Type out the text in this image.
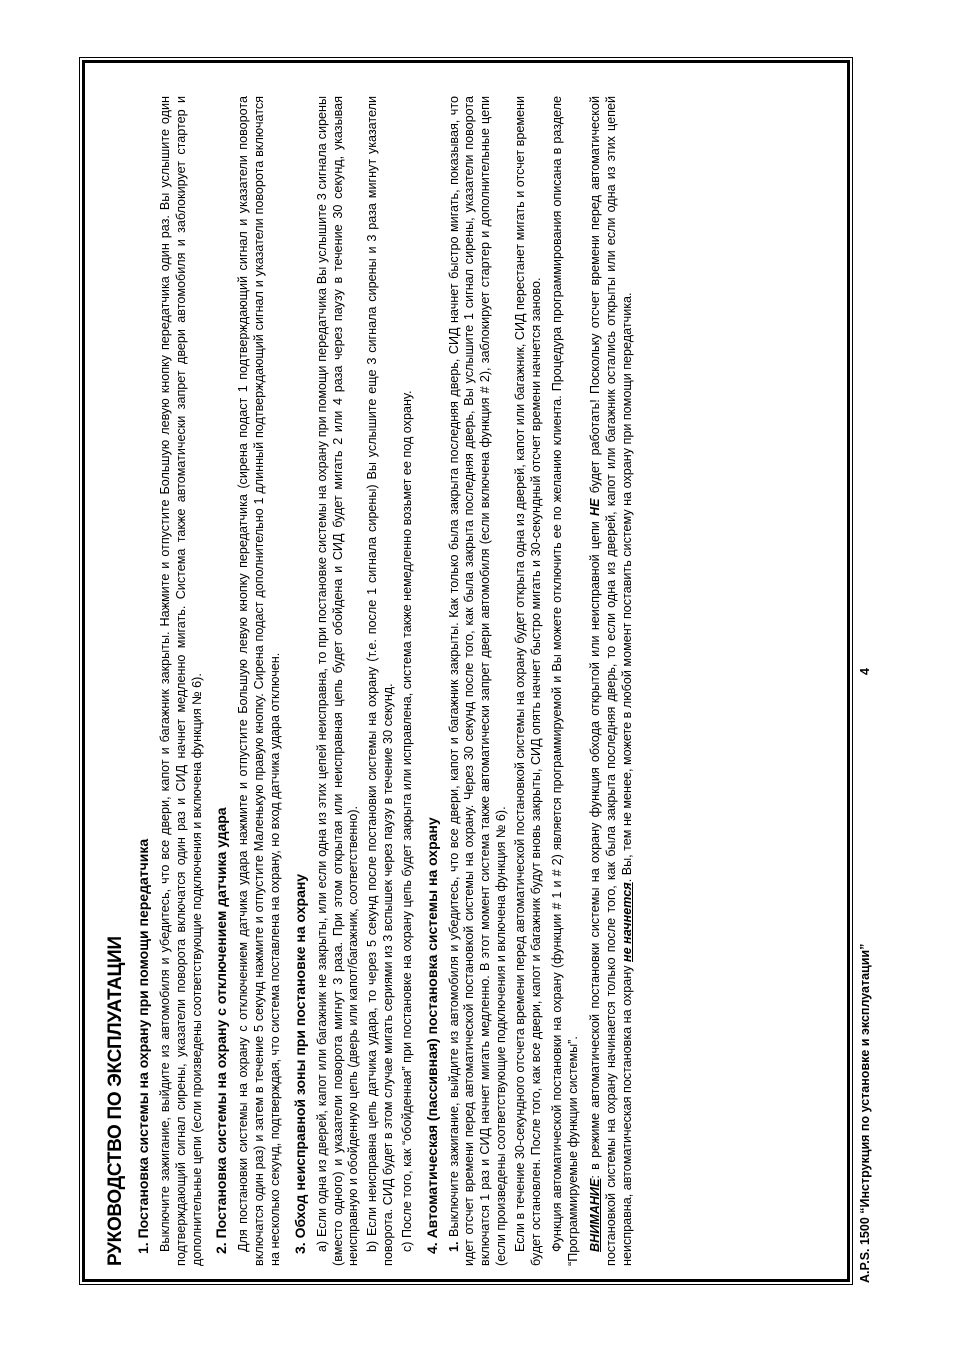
РУКОВОДСТВО ПО ЭКСПЛУАТАЦИИ 1. Постановка системы на охрану при помощи передатчика Выключите зажигание, выйдите из автомобиля и убедитесь, что все двери, капот и багажник закрыты. Нажмите и отпустите Большую левую кнопку передатчика один раз. Вы услышите один подтверждающий сигнал сирены, указатели поворота включатся один раз и СИД начнет медленно мигать. Система также автоматически запрет двери автомобиля и заблокирует стартер и дополнительные цепи (если произведены соответствующие подключения и включена функция № 6). 2. Постановка системы на охрану с отключением датчика удара Для постановки системы на охрану с отключением датчика удара нажмите и отпустите Большую левую кнопку передатчика (сирена подаст 1 подтверждающий сигнал и указатели поворота включатся один раз) и затем в течение 5 секунд нажмите и отпустите Маленькую правую кнопку. Сирена подаст дополнительно 1 длинный подтверждающий сигнал и указатели поворота включатся на несколько секунд, подтверждая, что система поставлена на охрану, но вход датчика удара отключен. 3. Обход неисправной зоны при постановке на охрану а) Если одна из дверей, капот или багажник не закрыты, или если одна из этих цепей неисправна, то при постановке системы на охрану при помощи передатчика Вы услышите 3 сигнала сирены (вместо одного) и указатели поворота мигнут 3 раза. При этом открытая или неисправная цепь будет обойдена и СИД будет мигать 2 или 4 раза через паузу в течение 30 секунд, указывая неисправную и обойденную цепь (дверь или капот/багажник, соответственно). b) Если неисправна цепь датчика удара, то через 5 секунд после постановки системы на охрану (т.е. после 1 сигнала сирены) Вы услышите еще 3 сигнала сирены и 3 раза мигнут указатели поворота. СИД будет в этом случае мигать сериями из 3 вспышек через паузу в течение 30 секунд. с) После того, как “обойденная” при постановке на охрану цепь будет закрыта или исправлена, система также немедленно возьмет ее под охрану. 4. Автоматическая (пассивная) постановка системы на охрану 1. Выключите зажигание, выйдите из автомобиля и убедитесь, что все двери, капот и багажник закрыты. Как только была закрыта последняя дверь, СИД начнет быстро мигать, показывая, что идет отсчет времени перед автоматической постановкой системы на охрану. Через 30 секунд после того, как была закрыта последняя дверь, Вы услышите 1 сигнал сирены, указатели поворота включатся 1 раз и СИД начнет мигать медленно. В этот момент система также автоматически запрет двери автомобиля (если включена функция # 2), заблокирует стартер и дополнительные цепи (если произведены соответствующие подключения и включена функция № 6). Если в течение 30-секундного отсчета времени перед автоматической постановкой системы на охрану будет открыта одна из дверей, капот или багажник, СИД перестанет мигать и отсчет времени будет остановлен. После того, как все двери, капот и багажник будут вновь закрыты, СИД опять начнет быстро мигать и 30-секундный отсчет времени начнется заново. Функция автоматической постановки на охрану (функции # 1 и # 2) является программируемой и Вы можете отключить ее по желанию клиента. Процедура программирования описана в разделе “Программируемые функции системы”. ВНИМАНИЕ: в режиме автоматической постановки системы на охрану функция обхода открытой или неисправной цепи НЕ будет работать! Поскольку отсчет времени перед автоматической постановкой системы на охрану начинается только после того, как была закрыта последняя дверь, то если одна из дверей, капот или багажник остались открыты или если одна из этих цепей неисправна, автоматическая постановка на охрану не начнется. Вы, тем не менее, можете в любой момент поставить систему на охрану при помощи передатчика.
A.P.S. 1500 “Инструкция по установке и эксплуатации”
4
